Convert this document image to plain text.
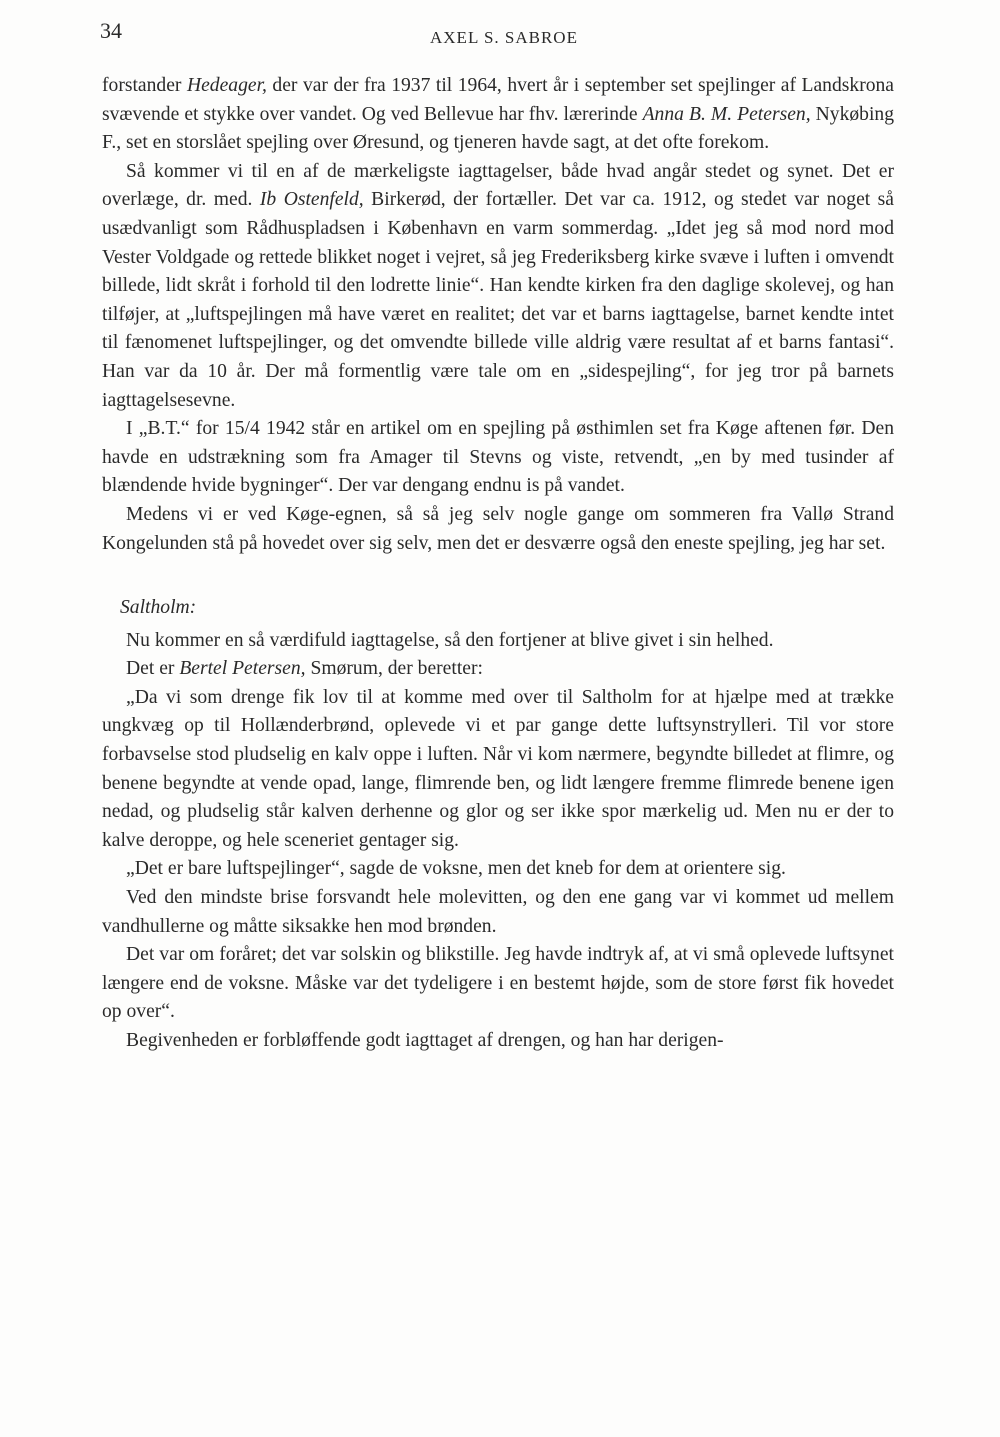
34	AXEL S. SABROE

forstander Hedeager, der var der fra 1937 til 1964, hvert år i september set spejlinger af Landskrona svævende et stykke over vandet. Og ved Bellevue har fhv. lærerinde Anna B. M. Petersen, Nykøbing F., set en storslået spejling over Øresund, og tjeneren havde sagt, at det ofte forekom.

Så kommer vi til en af de mærkeligste iagttagelser, både hvad angår stedet og synet. Det er overlæge, dr. med. Ib Ostenfeld, Birkerød, der fortæller. Det var ca. 1912, og stedet var noget så usædvanligt som Rådhuspladsen i København en varm sommerdag. „Idet jeg så mod nord mod Vester Voldgade og rettede blikket noget i vejret, så jeg Frederiksberg kirke svæve i luften i omvendt billede, lidt skråt i forhold til den lodrette linie“. Han kendte kirken fra den daglige skolevej, og han tilføjer, at „luftspejlingen må have været en realitet; det var et barns iagttagelse, barnet kendte intet til fænomenet luftspejlinger, og det omvendte billede ville aldrig være resultat af et barns fantasi“. Han var da 10 år. Der må formentlig være tale om en „sidespejling“, for jeg tror på barnets iagttagelsesevne.

I „B.T.“ for 15/4 1942 står en artikel om en spejling på østhimlen set fra Køge aftenen før. Den havde en udstrækning som fra Amager til Stevns og viste, retvendt, „en by med tusinder af blændende hvide bygninger“. Der var dengang endnu is på vandet.

Medens vi er ved Køge-egnen, så så jeg selv nogle gange om sommeren fra Vallø Strand Kongelunden stå på hovedet over sig selv, men det er desværre også den eneste spejling, jeg har set.

Saltholm:

Nu kommer en så værdifuld iagttagelse, så den fortjener at blive givet i sin helhed.

Det er Bertel Petersen, Smørum, der beretter:

„Da vi som drenge fik lov til at komme med over til Saltholm for at hjælpe med at trække ungkvæg op til Hollænderbrønd, oplevede vi et par gange dette luftsynstrylleri. Til vor store forbavselse stod pludselig en kalv oppe i luften. Når vi kom nærmere, begyndte billedet at flimre, og benene begyndte at vende opad, lange, flimrende ben, og lidt længere fremme flimrede benene igen nedad, og pludselig står kalven derhenne og glor og ser ikke spor mærkelig ud. Men nu er der to kalve deroppe, og hele sceneriet gentager sig.

„Det er bare luftspejlinger“, sagde de voksne, men det kneb for dem at orientere sig.

Ved den mindste brise forsvandt hele molevitten, og den ene gang var vi kommet ud mellem vandhullerne og måtte siksakke hen mod brønden.

Det var om foråret; det var solskin og blikstille. Jeg havde indtryk af, at vi små oplevede luftsynet længere end de voksne. Måske var det tydeligere i en bestemt højde, som de store først fik hovedet op over“.

Begivenheden er forbløffende godt iagttaget af drengen, og han har derigen-
